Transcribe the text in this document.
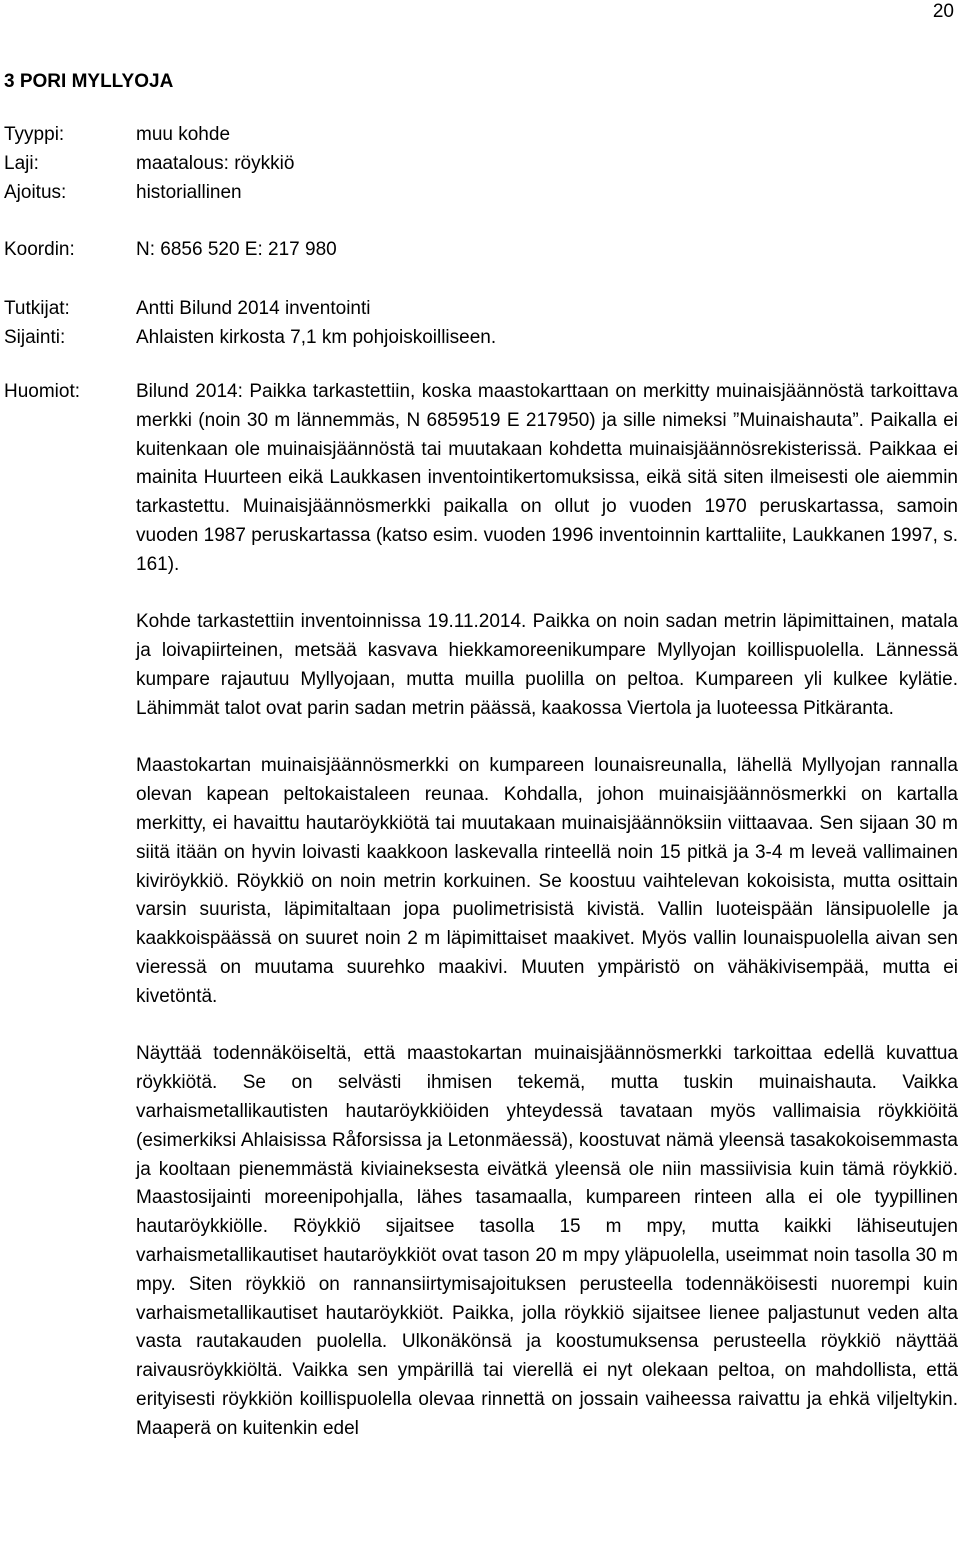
20
3 PORI MYLLYOJA
Tyyppi:	muu kohde
Laji:	maatalous: röykkiö
Ajoitus:	historiallinen
Koordin:	N: 6856 520 E: 217 980
Tutkijat:	Antti Bilund 2014 inventointi
Sijainti:	Ahlaisten kirkosta 7,1 km pohjoiskoilliseen.
Huomiot:	Bilund 2014: Paikka tarkastettiin, koska maastokarttaan on merkitty muinaisjäännöstä tarkoittava merkki (noin 30 m lännemmäs, N 6859519 E 217950) ja sille nimeksi ”Muinaishauta”. Paikalla ei kuitenkaan ole muinaisjäännöstä tai muutakaan kohdetta muinaisjäännösrekisterissä. Paikkaa ei mainita Huurteen eikä Laukkasen inventointikertomuksissa, eikä sitä siten ilmeisesti ole aiemmin tarkastettu. Muinaisjäännösmerkki paikalla on ollut jo vuoden 1970 peruskartassa, samoin vuoden 1987 peruskartassa (katso esim. vuoden 1996 inventoinnin karttaliite, Laukkanen 1997, s. 161).

Kohde tarkastettiin inventoinnissa 19.11.2014. Paikka on noin sadan metrin läpimittainen, matala ja loivapiirteinen, metsää kasvava hiekkamoreenikumpare Myllyojan koillispuolella. Lännessä kumpare rajautuu Myllyojaan, mutta muilla puolilla on peltoa. Kumpareen yli kulkee kylätie. Lähimmät talot ovat parin sadan metrin päässä, kaakossa Viertola ja luoteessa Pitkäranta.

Maastokartan muinaisjäännösmerkki on kumpareen lounaisreunalla, lähellä Myllyojan rannalla olevan kapean peltokaistaleen reunaa. Kohdalla, johon muinaisjäännösmerkki on kartalla merkitty, ei havaittu hautaröykkiötä tai muutakaan muinaisjäännöksiin viittaavaa. Sen sijaan 30 m siitä itään on hyvin loivasti kaakkoon laskevalla rinteellä noin 15 pitkä ja 3-4 m leveä vallimainen kiviröykkiö. Röykkiö on noin metrin korkuinen. Se koostuu vaihtelevan kokoisista, mutta osittain varsin suurista, läpimitaltaan jopa puolimetrisistä kivistä. Vallin luoteispään länsipuolelle ja kaakkoispäässä on suuret noin 2 m läpimittaiset maakivet. Myös vallin lounaispuolella aivan sen vieressä on muutama suurehko maakivi. Muuten ympäristö on vähäkivisempää, mutta ei kivetöntä.

Näyttää todennäköiseltä, että maastokartan muinaisjäännösmerkki tarkoittaa edellä kuvattua röykkiötä. Se on selvästi ihmisen tekemä, mutta tuskin muinaishauta. Vaikka varhaismetallikautisten hautaröykkiöiden yhteydessä tavataan myös vallimaisia röykkiöitä (esimerkiksi Ahlaisissa Råforsissa ja Letonmäessä), koostuvat nämä yleensä tasakokoisemmasta ja kooltaan pienemmästä kiviaineksesta eivätkä yleensä ole niin massiivisia kuin tämä röykkiö. Maastosijainti moreenipohjalla, lähes tasamaalla, kumpareen rinteen alla ei ole tyypillinen hautaröykkiölle. Röykkiö sijaitsee tasolla 15 m mpy, mutta kaikki lähiseutujen varhaismetallikautiset hautaröykkiöt ovat tason 20 m mpy yläpuolella, useimmat noin tasolla 30 m mpy. Siten röykkiö on rannansiirtymisajoituksen perusteella todennäköisesti nuorempi kuin varhaismetallikautiset hautaröykkiöt. Paikka, jolla röykkiö sijaitsee lienee paljastunut veden alta vasta rautakauden puolella. Ulkonäkönsä ja koostumuksensa perusteella röykkiö näyttää raivausröykkiöltä. Vaikka sen ympärillä tai vierellä ei nyt olekaan peltoa, on mahdollista, että erityisesti röykkiön koillispuolella olevaa rinnettä on jossain vaiheessa raivattu ja ehkä viljeltykin. Maaperä on kuitenkin edel
